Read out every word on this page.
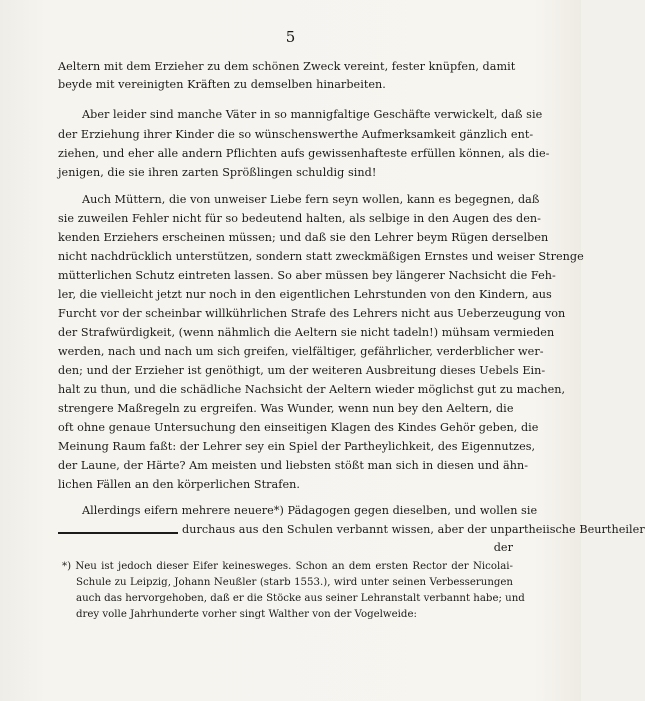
5
Aeltern mit dem Erzieher zu dem schönen Zweck vereint, fester knüpfen, damit
beyde mit vereinigten Kräften zu demselben hinarbeiten.
Aber leider sind manche Väter in so mannigfaltige Geschäfte verwickelt, daß sie
der Erziehung ihrer Kinder die so wünschenswerthe Aufmerksamkeit gänzlich ent-
ziehen, und eher alle andern Pflichten aufs gewissenhafteste erfüllen können, als die-
jenigen, die sie ihren zarten Sprößlingen schuldig sind!
Auch Müttern, die von unweiser Liebe fern seyn wollen, kann es begegnen, daß
sie zuweilen Fehler nicht für so bedeutend halten, als selbige in den Augen des den-
kenden Erziehers erscheinen müssen; und daß sie den Lehrer beym Rügen derselben
nicht nachdrücklich unterstützen, sondern statt zweckmäßigen Ernstes und weiser Strenge
mütterlichen Schutz eintreten lassen. So aber müssen bey längerer Nachsicht die Feh-
ler, die vielleicht jetzt nur noch in den eigentlichen Lehrstunden von den Kindern, aus
Furcht vor der scheinbar willkührlichen Strafe des Lehrers nicht aus Ueberzeugung von
der Strafwürdigkeit, (wenn nähmlich die Aeltern sie nicht tadeln!) mühsam vermieden
werden, nach und nach um sich greifen, vielfältiger, gefährlicher, verderblicher wer-
den; und der Erzieher ist genöthigt, um der weiteren Ausbreitung dieses Uebels Ein-
halt zu thun, und die schädliche Nachsicht der Aeltern wieder möglichst gut zu machen,
strengere Maßregeln zu ergreifen. Was Wunder, wenn nun bey den Aeltern, die
oft ohne genaue Untersuchung den einseitigen Klagen des Kindes Gehör geben, die
Meinung Raum faßt: der Lehrer sey ein Spiel der Partheylichkeit, des Eigennutzes,
der Laune, der Härte? Am meisten und liebsten stößt man sich in diesen und ähn-
lichen Fällen an den körperlichen Strafen.
Allerdings eifern mehrere neuere*) Pädagogen gegen dieselben, und wollen sie
durchaus aus den Schulen verbannt wissen, aber der unpartheiische Beurtheiler
der
*) Neu ist jedoch dieser Eifer keinesweges. Schon an dem ersten Rector der Nicolai-
Schule zu Leipzig, Johann Neußler (starb 1553.), wird unter seinen Verbesserungen
auch das hervorgehoben, daß er die Stöcke aus seiner Lehranstalt verbannt habe; und
drey volle Jahrhunderte vorher singt Walther von der Vogelweide:
